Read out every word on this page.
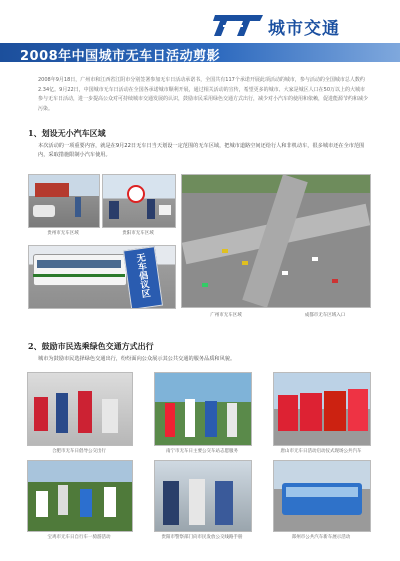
城市交通
2008年中国城市无车日活动剪影
2008年9月18日，广州市和江西省江阴市分别签署参加无车日活动承诺书，全国共有117个承诺开展此项活动的城市，参与活动的全国城市总人数约2.34亿。9月22日，中国城市无车日活动在全国各承诺城市顺利开展，通过相关活动的宣传，希望更多的城市、大家是城区人口在50万以上的大城市参与无车日活动，进一步提高公众对可持续城市交通发展的认识，鼓励市民采用绿色交通方式出行，减少对小汽车的使用和依赖，促进能源节约和减少污染。
1、划设无小汽车区域
本次活动的一项重要内容，就是在9月22日无车日当天划设一定范围的无车区域，把城市道路空间还给行人和非机动车，很多城市还在全市范围内，采取措施限制小汽车使用。
贵州市无车区域	贵阳市无车区域
无车倡议区
广州市无车区域	成都市无车区域入口
2、鼓励市民选乘绿色交通方式出行
城市为鼓励市民选择绿色交通出行，纷纷面向公众展示其公共交通的服务品质和风貌。
合肥市无车日倡导公交出行	南宁市无车日主要公交车站志愿服务	唐山市无车日活动启动仪式现场公共汽车
宝鸡市无车日自行车一骑游活动	贵阳市警察部门向市民发放公交线路手册	郑州市公共汽车新车展示活动
